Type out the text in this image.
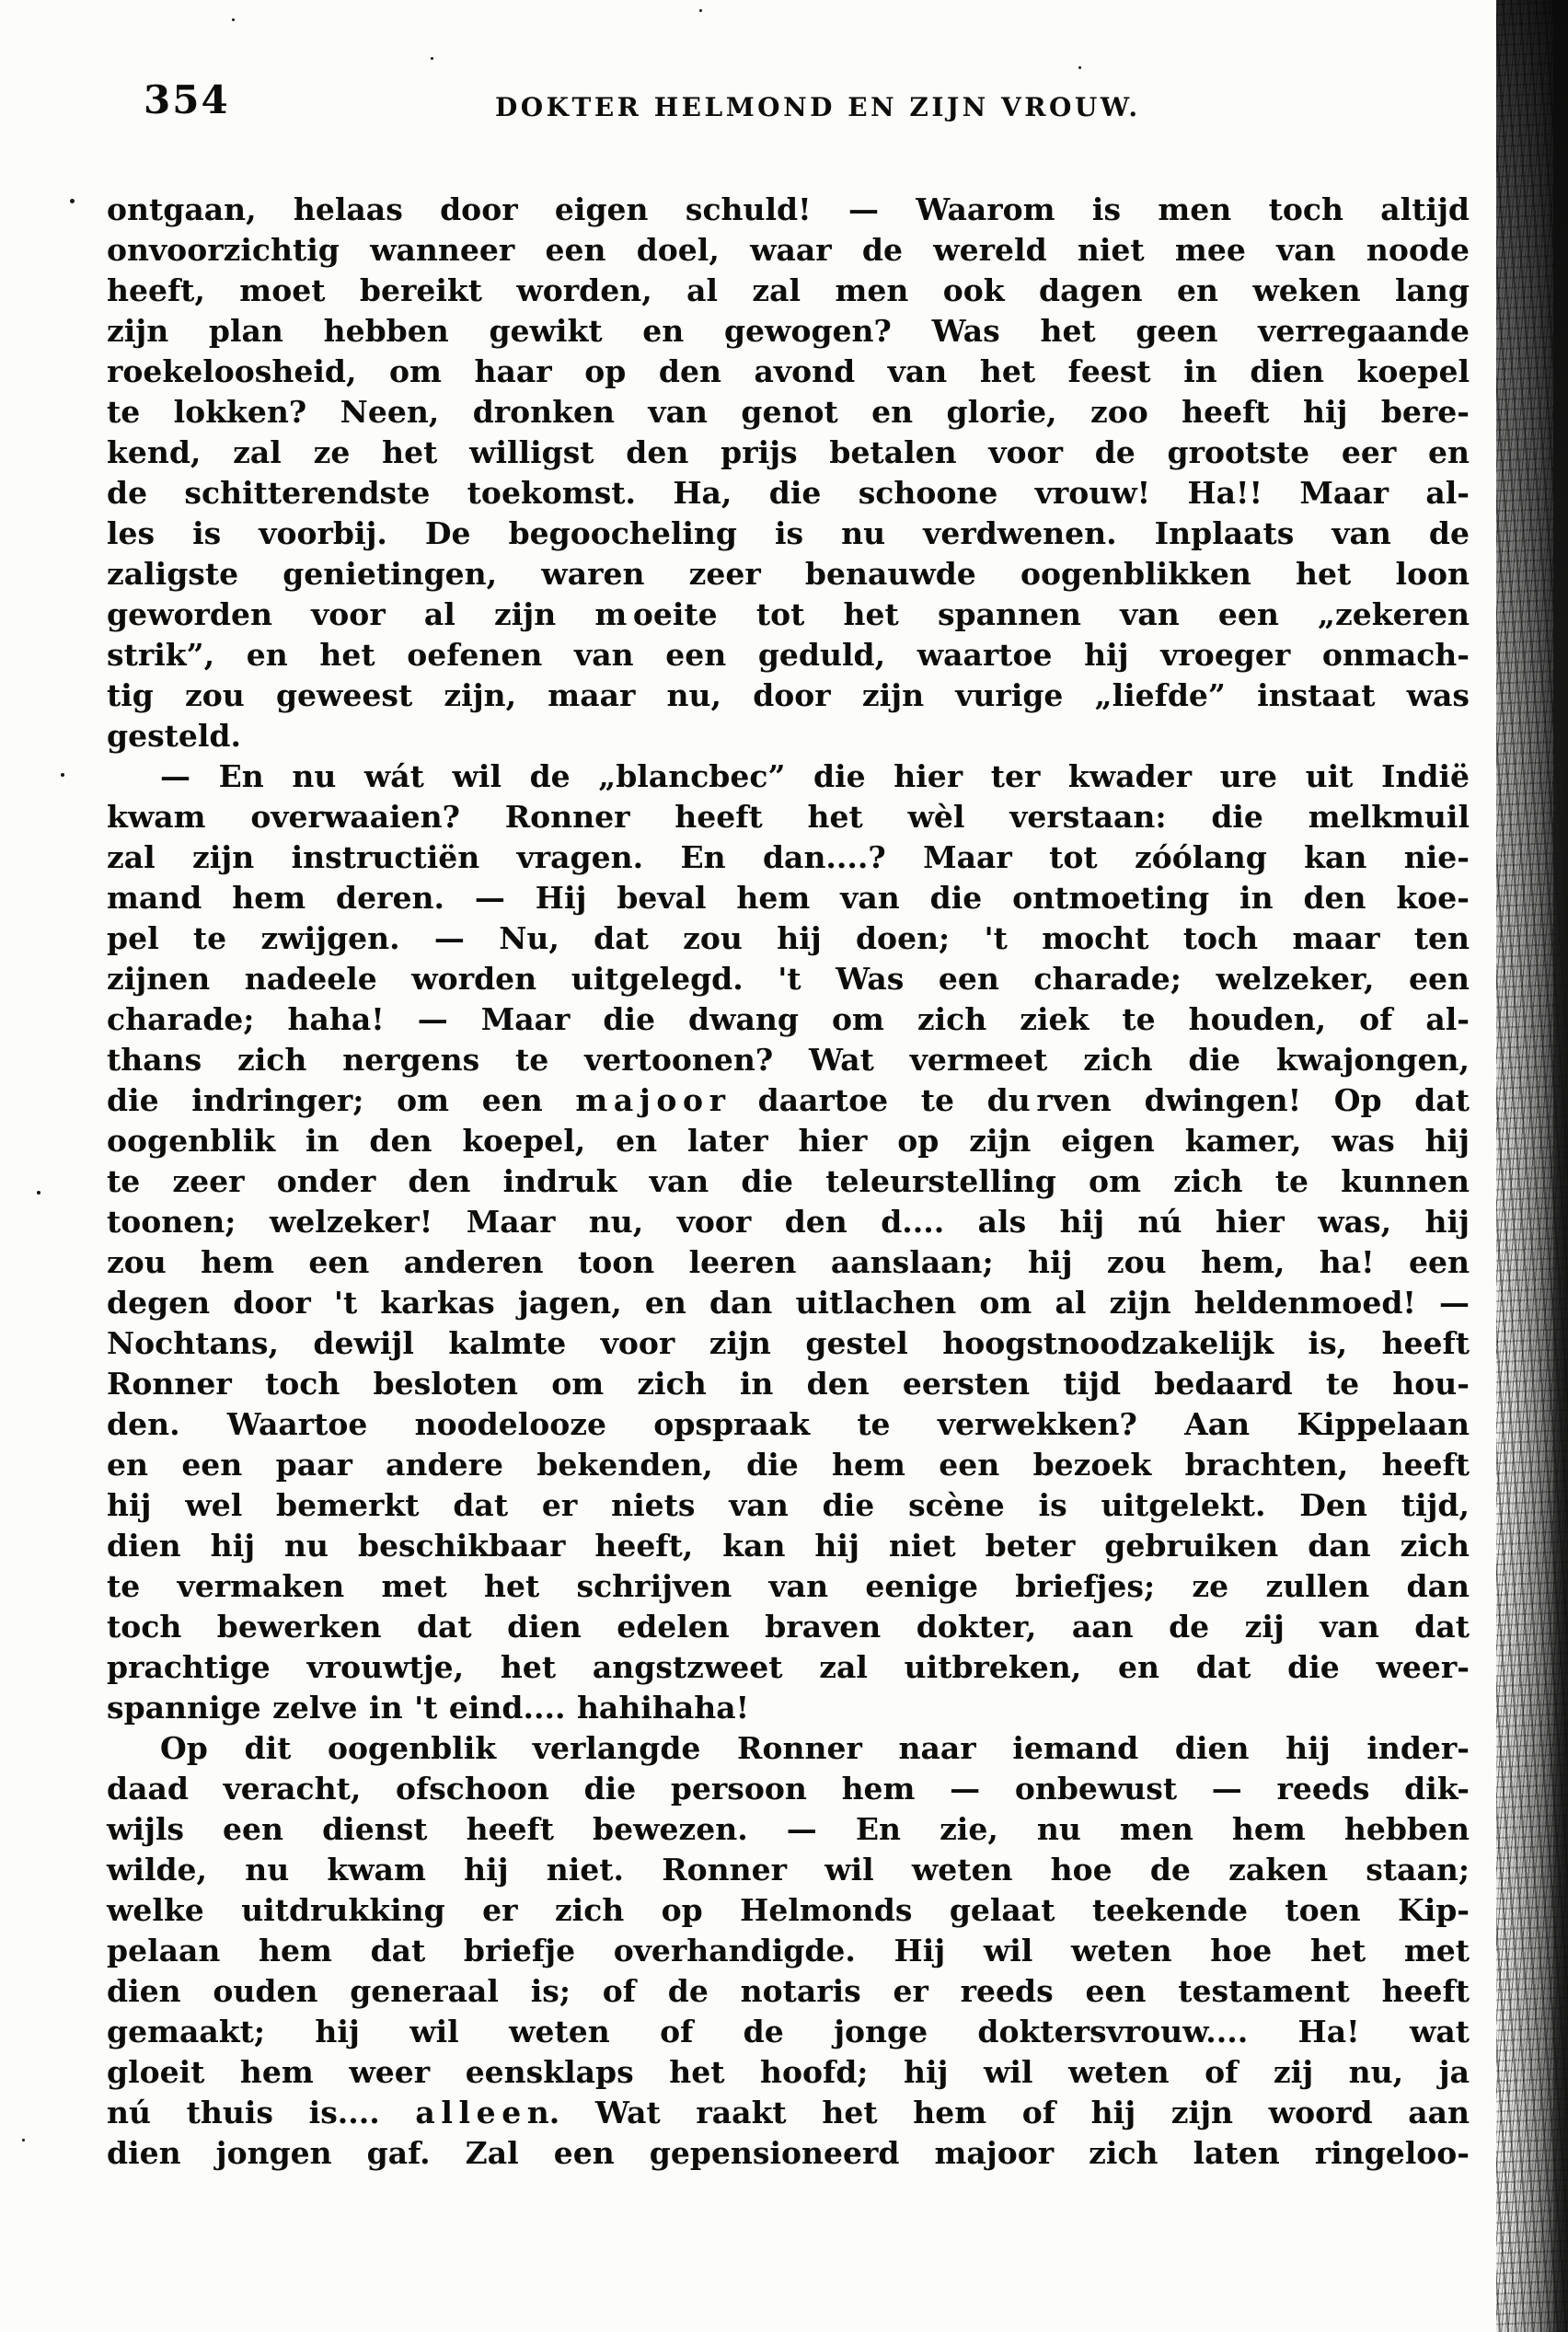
354	DOKTER HELMOND EN ZIJN VROUW.
ontgaan, helaas door eigen schuld! — Waarom is men toch altijd
onvoorzichtig wanneer een doel, waar de wereld niet mee van noode
heeft, moet bereikt worden, al zal men ook dagen en weken lang
zijn plan hebben gewikt en gewogen? Was het geen verregaande
roekeloosheid, om haar op den avond van het feest in dien koepel
te lokken? Neen, dronken van genot en glorie, zoo heeft hij bere-
kend, zal ze het willigst den prijs betalen voor de grootste eer en
de schitterendste toekomst. Ha, die schoone vrouw! Ha!! Maar al-
les is voorbij. De begoocheling is nu verdwenen. Inplaats van de
zaligste genietingen, waren zeer benauwde oogenblikken het loon
geworden voor al zijn m oeite tot het spannen van een „zekeren
strik”, en het oefenen van een geduld, waartoe hij vroeger onmach-
tig zou geweest zijn, maar nu, door zijn vurige „liefde” instaat was
gesteld.
— En nu wát wil de „blancbec” die hier ter kwader ure uit Indië
kwam overwaaien? Ronner heeft het wèl verstaan: die melkmuil
zal zijn instructiën vragen. En dan....? Maar tot zóólang kan nie-
mand hem deren. — Hij beval hem van die ontmoeting in den koe-
pel te zwijgen. — Nu, dat zou hij doen; 't mocht toch maar ten
zijnen nadeele worden uitgelegd. 't Was een charade; welzeker, een
charade; haha! — Maar die dwang om zich ziek te houden, of al-
thans zich nergens te vertoonen? Wat vermeet zich die kwajongen,
die indringer; om een m a j o o r daartoe te du rven dwingen! Op dat
oogenblik in den koepel, en later hier op zijn eigen kamer, was hij
te zeer onder den indruk van die teleurstelling om zich te kunnen
toonen; welzeker! Maar nu, voor den d.... als hij nú hier was, hij
zou hem een anderen toon leeren aanslaan; hij zou hem, ha! een
degen door 't karkas jagen, en dan uitlachen om al zijn heldenmoed! —
Nochtans, dewijl kalmte voor zijn gestel hoogstnoodzakelijk is, heeft
Ronner toch besloten om zich in den eersten tijd bedaard te hou-
den. Waartoe noodelooze opspraak te verwekken? Aan Kippelaan
en een paar andere bekenden, die hem een bezoek brachten, heeft
hij wel bemerkt dat er niets van die scène is uitgelekt. Den tijd,
dien hij nu beschikbaar heeft, kan hij niet beter gebruiken dan zich
te vermaken met het schrijven van eenige briefjes; ze zullen dan
toch bewerken dat dien edelen braven dokter, aan de zij van dat
prachtige vrouwtje, het angstzweet zal uitbreken, en dat die weer-
spannige zelve in 't eind.... hahihaha!
Op dit oogenblik verlangde Ronner naar iemand dien hij inder-
daad veracht, ofschoon die persoon hem — onbewust — reeds dik-
wijls een dienst heeft bewezen. — En zie, nu men hem hebben
wilde, nu kwam hij niet. Ronner wil weten hoe de zaken staan;
welke uitdrukking er zich op Helmonds gelaat teekende toen Kip-
pelaan hem dat briefje overhandigde. Hij wil weten hoe het met
dien ouden generaal is; of de notaris er reeds een testament heeft
gemaakt; hij wil weten of de jonge doktersvrouw.... Ha! wat
gloeit hem weer eensklaps het hoofd; hij wil weten of zij nu, ja
nú thuis is.... a l l e e n. Wat raakt het hem of hij zijn woord aan
dien jongen gaf. Zal een gepensioneerd majoor zich laten ringeloo-
